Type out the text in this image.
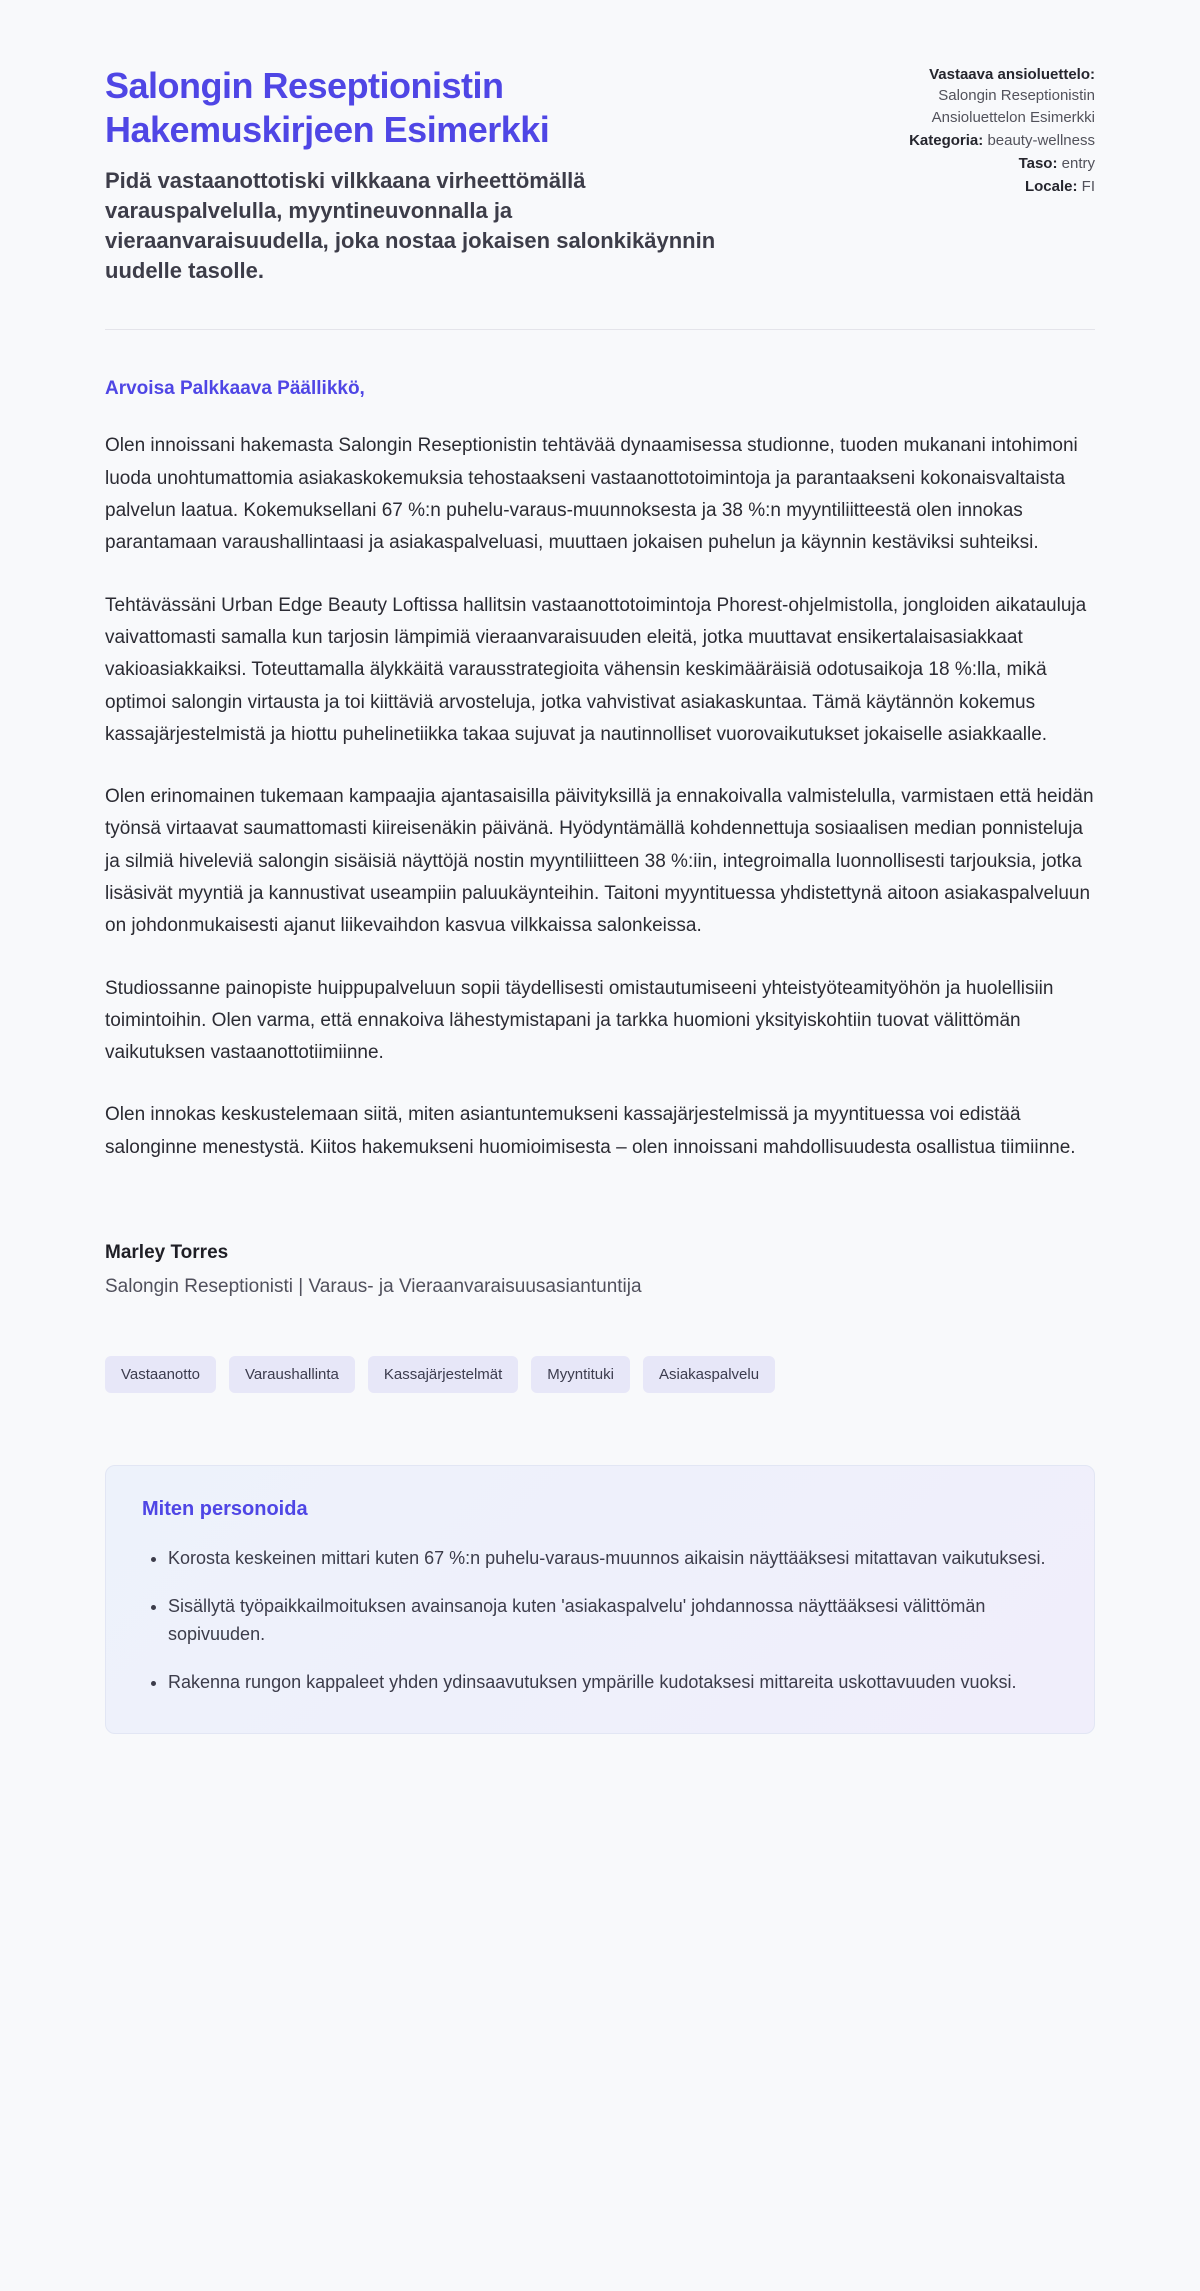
Salongin Reseptionistin Hakemuskirjeen Esimerkki

Pidä vastaanottotiski vilkkaana virheettömällä varauspalvelulla, myyntineuvonnalla ja vieraanvaraisuudella, joka nostaa jokaisen salonkikäynnin uudelle tasolle.

Vastaava ansioluettelo: Salongin Reseptionistin Ansioluettelon Esimerkki
Kategoria: beauty-wellness
Taso: entry
Locale: FI

Arvoisa Palkkaava Päällikkö,

Olen innoissani hakemasta Salongin Reseptionistin tehtävää dynaamisessa studionne, tuoden mukanani intohimoni luoda unohtumattomia asiakaskokemuksia tehostaakseni vastaanottotoimintoja ja parantaakseni kokonaisvaltaista palvelun laatua. Kokemuksellani 67 %:n puhelu-varaus-muunnoksesta ja 38 %:n myyntiliitteestä olen innokas parantamaan varaushallintaasi ja asiakaspalveluasi, muuttaen jokaisen puhelun ja käynnin kestäviksi suhteiksi.

Tehtävässäni Urban Edge Beauty Loftissa hallitsin vastaanottotoimintoja Phorest-ohjelmistolla, jongloiden aikatauluja vaivattomasti samalla kun tarjosin lämpimiä vieraanvaraisuuden eleitä, jotka muuttavat ensikertalaisasiakkaat vakioasiakkaiksi. Toteuttamalla älykkäitä varausstrategioita vähensin keskimääräisiä odotusaikoja 18 %:lla, mikä optimoi salongin virtausta ja toi kiittäviä arvosteluja, jotka vahvistivat asiakaskuntaa. Tämä käytännön kokemus kassajärjestelmistä ja hiottu puhelinetiikka takaa sujuvat ja nautinnolliset vuorovaikutukset jokaiselle asiakkaalle.

Olen erinomainen tukemaan kampaajia ajantasaisilla päivityksillä ja ennakoivalla valmistelulla, varmistaen että heidän työnsä virtaavat saumattomasti kiireisenäkin päivänä. Hyödyntämällä kohdennettuja sosiaalisen median ponnisteluja ja silmiä hiveleviä salongin sisäisiä näyttöjä nostin myyntiliitteen 38 %:iin, integroimalla luonnollisesti tarjouksia, jotka lisäsivät myyntiä ja kannustivat useampiin paluukäynteihin. Taitoni myyntituessa yhdistettynä aitoon asiakaspalveluun on johdonmukaisesti ajanut liikevaihdon kasvua vilkkaissa salonkeissa.

Studiossanne painopiste huippupalveluun sopii täydellisesti omistautumiseeni yhteistyöteamityöhön ja huolellisiin toimintoihin. Olen varma, että ennakoiva lähestymistapani ja tarkka huomioni yksityiskohtiin tuovat välittömän vaikutuksen vastaanottotiimiinne.

Olen innokas keskustelemaan siitä, miten asiantuntemukseni kassajärjestelmissä ja myyntituessa voi edistää salonginne menestystä. Kiitos hakemukseni huomioimisesta – olen innoissani mahdollisuudesta osallistua tiimiinne.

Marley Torres

Salongin Reseptionisti | Varaus- ja Vieraanvaraisuusasiantuntija

Vastaanotto	Varaushallinta	Kassajärjestelmät	Myyntituki	Asiakaspalvelu
Miten personoida
• Korosta keskeinen mittari kuten 67 %:n puhelu-varaus-muunnos aikaisin näyttääksesi mitattavan vaikutuksesi.
• Sisällytä työpaikkailmoituksen avainsanoja kuten 'asiakaspalvelu' johdannossa näyttääksesi välittömän sopivuuden.
• Rakenna rungon kappaleet yhden ydinsaavutuksen ympärille kudotaksesi mittareita uskottavuuden vuoksi.
